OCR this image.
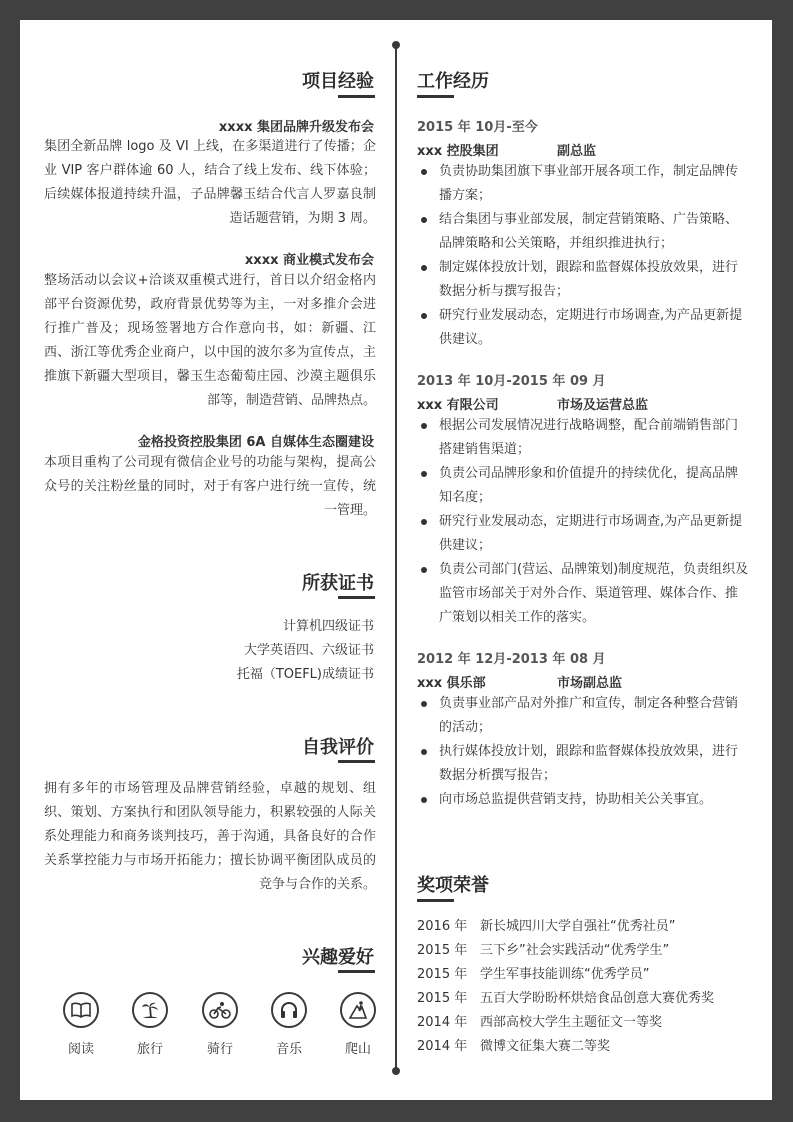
项目经验
xxxx 集团品牌升级发布会
集团全新品牌 logo 及 VI 上线，在多渠道进行了传播；企业 VIP 客户群体逾 60 人，结合了线上发布、线下体验；后续媒体报道持续升温，子品牌馨玉结合代言人罗嘉良制造话题营销，为期 3 周。
xxxx 商业模式发布会
整场活动以会议+洽谈双重模式进行，首日以介绍金格内部平台资源优势，政府背景优势等为主，一对多推介会进行推广普及；现场签署地方合作意向书，如：新疆、江西、浙江等优秀企业商户，以中国的波尔多为宣传点，主推旗下新疆大型项目，馨玉生态葡萄庄园、沙漠主题俱乐部等，制造营销、品牌热点。
金格投资控股集团 6A 自媒体生态圈建设
本项目重构了公司现有微信企业号的功能与架构，提高公众号的关注粉丝量的同时，对于有客户进行统一宣传，统一管理。
所获证书
计算机四级证书
大学英语四、六级证书
托福（TOEFL)成绩证书
自我评价
拥有多年的市场管理及品牌营销经验，卓越的规划、组织、策划、方案执行和团队领导能力，积累较强的人际关系处理能力和商务谈判技巧，善于沟通，具备良好的合作关系掌控能力与市场开拓能力；擅长协调平衡团队成员的竞争与合作的关系。
兴趣爱好
阅读	旅行	骑行	音乐	爬山
工作经历
2015 年 10月-至今
xxx 控股集团	副总监
负责协助集团旗下事业部开展各项工作，制定品牌传播方案；
结合集团与事业部发展，制定营销策略、广告策略、品牌策略和公关策略，并组织推进执行；
制定媒体投放计划，跟踪和监督媒体投放效果，进行数据分析与撰写报告；
研究行业发展动态，定期进行市场调查,为产品更新提供建议。
2013 年 10月-2015 年 09 月
xxx 有限公司	市场及运营总监
根据公司发展情况进行战略调整，配合前端销售部门搭建销售渠道；
负责公司品牌形象和价值提升的持续优化，提高品牌知名度；
研究行业发展动态，定期进行市场调查,为产品更新提供建议；
负责公司部门(营运、品牌策划)制度规范，负责组织及监管市场部关于对外合作、渠道管理、媒体合作、推广策划以相关工作的落实。
2012 年 12月-2013 年 08 月
xxx 俱乐部	市场副总监
负责事业部产品对外推广和宣传，制定各种整合营销的活动；
执行媒体投放计划，跟踪和监督媒体投放效果，进行数据分析撰写报告；
向市场总监提供营销支持，协助相关公关事宜。
奖项荣誉
2016 年 新长城四川大学自强社“优秀社员”
2015 年 三下乡”社会实践活动“优秀学生”
2015 年 学生军事技能训练“优秀学员”
2015 年 五百大学盼盼杯烘焙食品创意大赛优秀奖
2014 年 西部高校大学生主题征文一等奖
2014 年 微博文征集大赛二等奖
